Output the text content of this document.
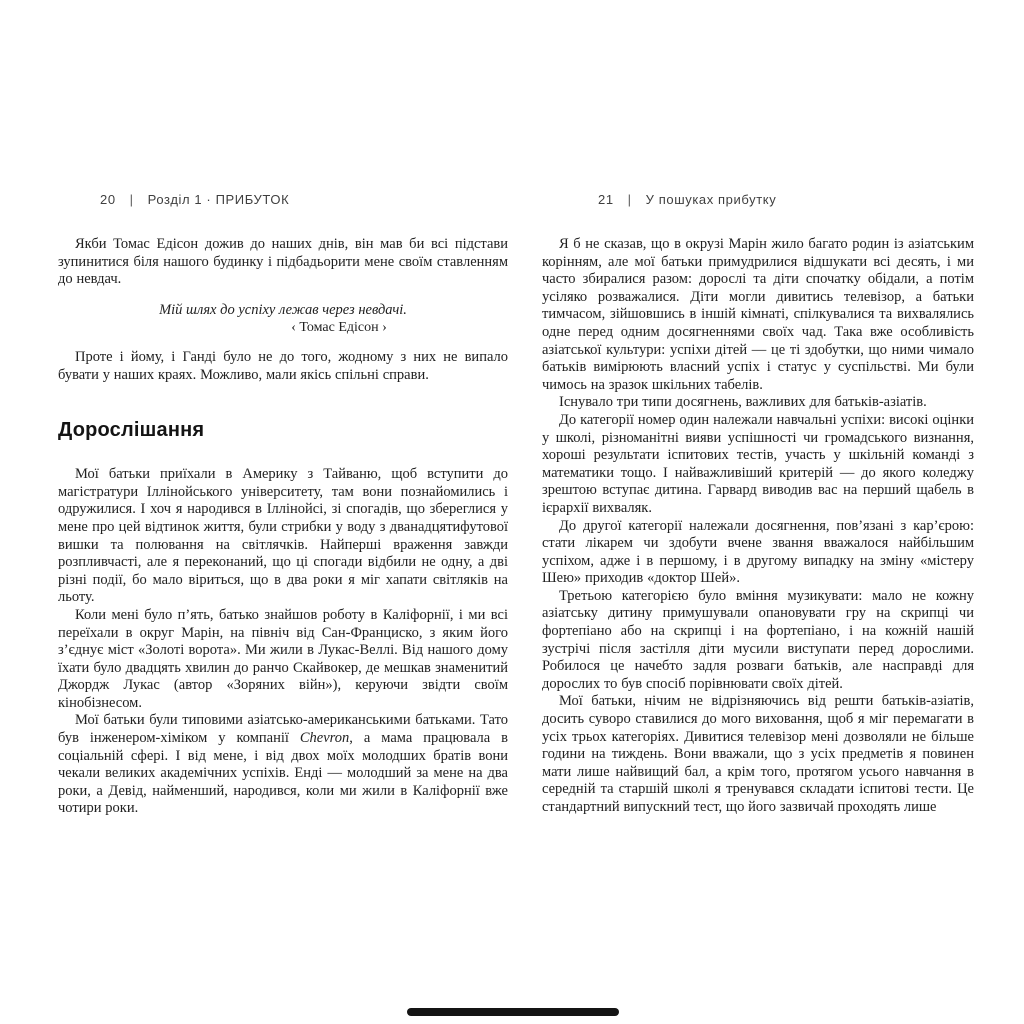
20 | Розділ 1 · ПРИБУТОК

Якби Томас Едісон дожив до наших днів, він мав би всі підстави зупинитися біля нашого будинку і підбадьорити мене своїм ставленням до невдач.

Мій шлях до успіху лежав через невдачі.
‹ Томас Едісон ›

Проте і йому, і Ганді було не до того, жодному з них не випало бувати у наших краях. Можливо, мали якісь спільні справи.

Дорослішання

Мої батьки приїхали в Америку з Тайваню, щоб вступити до магістратури Іллінойського університету, там вони познайомились і одружилися. І хоч я народився в Іллінойсі, зі спогадів, що збереглися у мене про цей відтинок життя, були стрибки у воду з дванадцятифутової вишки та полювання на світлячків. Найперші враження завжди розпливчасті, але я переконаний, що ці спогади відбили не одну, а дві різні події, бо мало віриться, що в два роки я міг хапати світляків на льоту.

Коли мені було п’ять, батько знайшов роботу в Каліфорнії, і ми всі переїхали в округ Марін, на північ від Сан-Франциско, з яким його з’єднує міст «Золоті ворота». Ми жили в Лукас-Веллі. Від нашого дому їхати було двадцять хвилин до ранчо Скайвокер, де мешкав знаменитий Джордж Лукас (автор «Зоряних війн»), керуючи звідти своїм кінобізнесом.

Мої батьки були типовими азіатсько-американськими батьками. Тато був інженером-хіміком у компанії Chevron, а мама працювала в соціальній сфері. І від мене, і від двох моїх молодших братів вони чекали великих академічних успіхів. Енді — молодший за мене на два роки, а Девід, найменший, народився, коли ми жили в Каліфорнії вже чотири роки.

21 | У пошуках прибутку

Я б не сказав, що в окрузі Марін жило багато родин із азіатським корінням, але мої батьки примудрилися відшукати всі десять, і ми часто збиралися разом: дорослі та діти спочатку обідали, а потім усіляко розважалися. Діти могли дивитись телевізор, а батьки тимчасом, зійшовшись в іншій кімнаті, спілкувалися та вихвалялись одне перед одним досягненнями своїх чад. Така вже особливість азіатської культури: успіхи дітей — це ті здобутки, що ними чимало батьків вимірюють власний успіх і статус у суспільстві. Ми були чимось на зразок шкільних табелів.

Існувало три типи досягнень, важливих для батьків-азіатів.

До категорії номер один належали навчальні успіхи: високі оцінки у школі, різноманітні вияви успішності чи громадського визнання, хороші результати іспитових тестів, участь у шкільній команді з математики тощо. І найважливіший критерій — до якого коледжу зрештою вступає дитина. Гарвард виводив вас на перший щабель в ієрархії вихваляк.

До другої категорії належали досягнення, пов’язані з кар’єрою: стати лікарем чи здобути вчене звання вважалося найбільшим успіхом, адже і в першому, і в другому випадку на зміну «містеру Шею» приходив «доктор Шей».

Третьою категорією було вміння музикувати: мало не кожну азіатську дитину примушували опановувати гру на скрипці чи фортепіано або на скрипці і на фортепіано, і на кожній нашій зустрічі після застілля діти мусили виступати перед дорослими. Робилося це начебто задля розваги батьків, але насправді для дорослих то був спосіб порівнювати своїх дітей.

Мої батьки, нічим не відрізняючись від решти батьків-азіатів, досить суворо ставилися до мого виховання, щоб я міг перемагати в усіх трьох категоріях. Дивитися телевізор мені дозволяли не більше години на тиждень. Вони вважали, що з усіх предметів я повинен мати лише найвищий бал, а крім того, протягом усього навчання в середній та старшій школі я тренувався складати іспитові тести. Це стандартний випускний тест, що його зазвичай проходять лише
